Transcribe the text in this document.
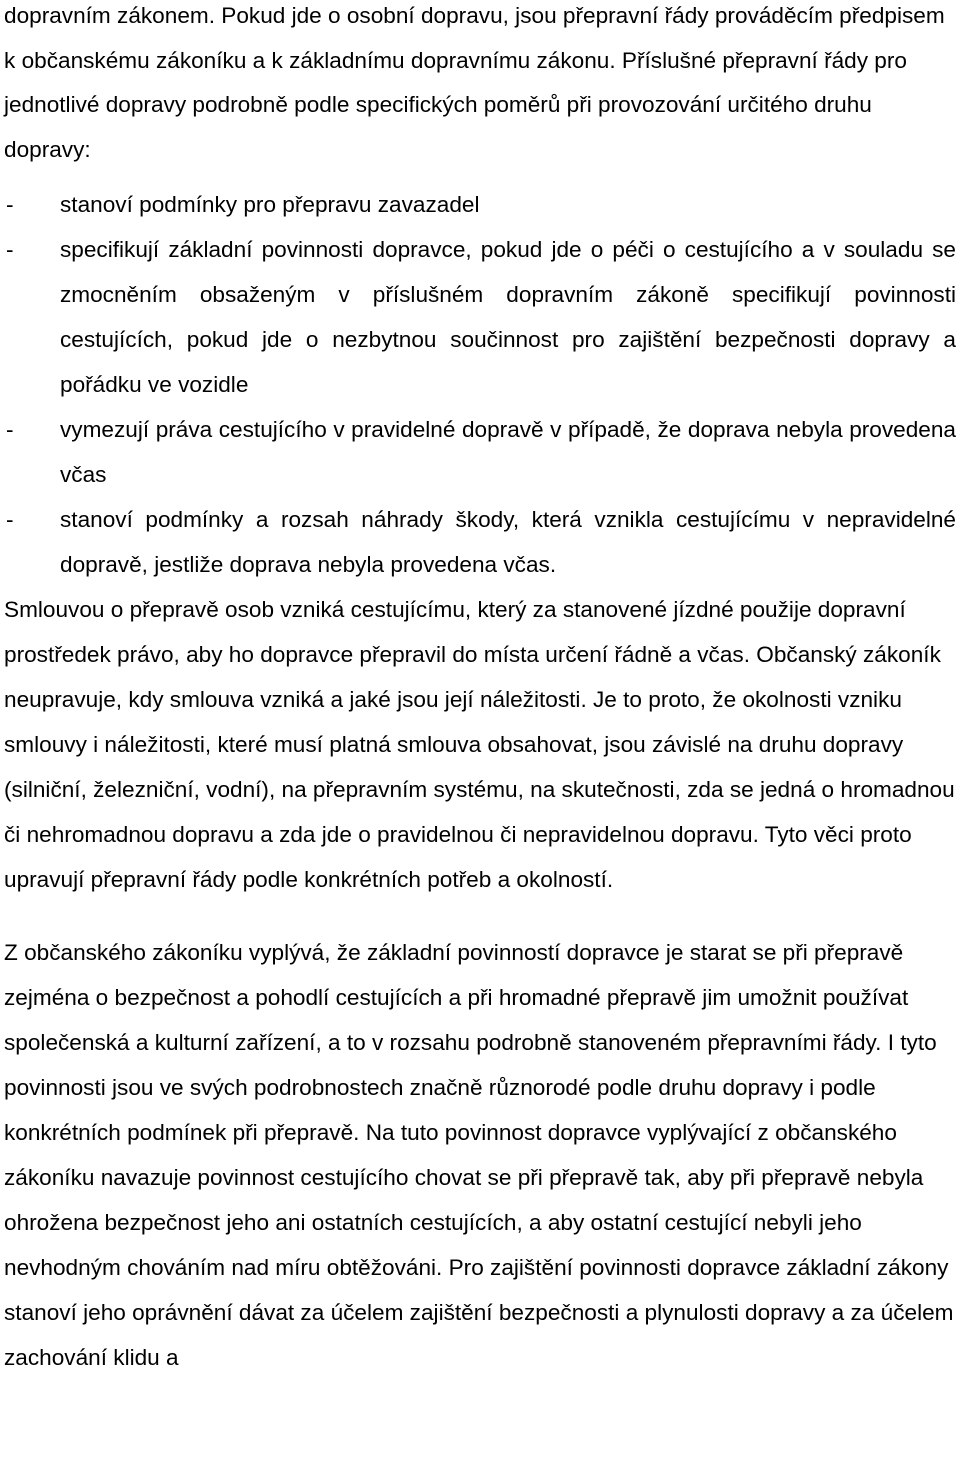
dopravním zákonem. Pokud jde o osobní dopravu, jsou přepravní řády prováděcím předpisem k občanskému zákoníku a k základnímu dopravnímu zákonu. Příslušné přepravní řády pro jednotlivé dopravy podrobně podle specifických poměrů při provozování určitého druhu dopravy:

- stanoví podmínky pro přepravu zavazadel
- specifikují základní povinnosti dopravce, pokud jde o péči o cestujícího a v souladu se zmocněním obsaženým v příslušném dopravním zákoně specifikují povinnosti cestujících, pokud jde o nezbytnou součinnost pro zajištění bezpečnosti dopravy a pořádku ve vozidle
- vymezují práva cestujícího v pravidelné dopravě v případě, že doprava nebyla provedena včas
- stanoví podmínky a rozsah náhrady škody, která vznikla cestujícímu v nepravidelné dopravě, jestliže doprava nebyla provedena včas.

Smlouvou o přepravě osob vzniká cestujícímu, který za stanovené jízdné použije dopravní prostředek právo, aby ho dopravce přepravil do místa určení řádně a včas. Občanský zákoník neupravuje, kdy smlouva vzniká a jaké jsou její náležitosti. Je to proto, že okolnosti vzniku smlouvy i náležitosti, které musí platná smlouva obsahovat, jsou závislé na druhu dopravy (silniční, železniční, vodní), na přepravním systému, na skutečnosti, zda se jedná o hromadnou či nehromadnou dopravu a zda jde o pravidelnou či nepravidelnou dopravu. Tyto věci proto upravují přepravní řády podle konkrétních potřeb a okolností.

Z občanského zákoníku vyplývá, že základní povinností dopravce je starat se při přepravě zejména o bezpečnost a pohodlí cestujících a při hromadné přepravě jim umožnit používat společenská a kulturní zařízení, a to v rozsahu podrobně stanoveném přepravními řády. I tyto povinnosti jsou ve svých podrobnostech značně různorodé podle druhu dopravy i podle konkrétních podmínek při přepravě. Na tuto povinnost dopravce vyplývající z občanského zákoníku navazuje povinnost cestujícího chovat se při přepravě tak, aby při přepravě nebyla ohrožena bezpečnost jeho ani ostatních cestujících, a aby ostatní cestující nebyli jeho nevhodným chováním nad míru obtěžováni. Pro zajištění povinnosti dopravce základní zákony stanoví jeho oprávnění dávat za účelem zajištění bezpečnosti a plynulosti dopravy a za účelem zachování klidu a
